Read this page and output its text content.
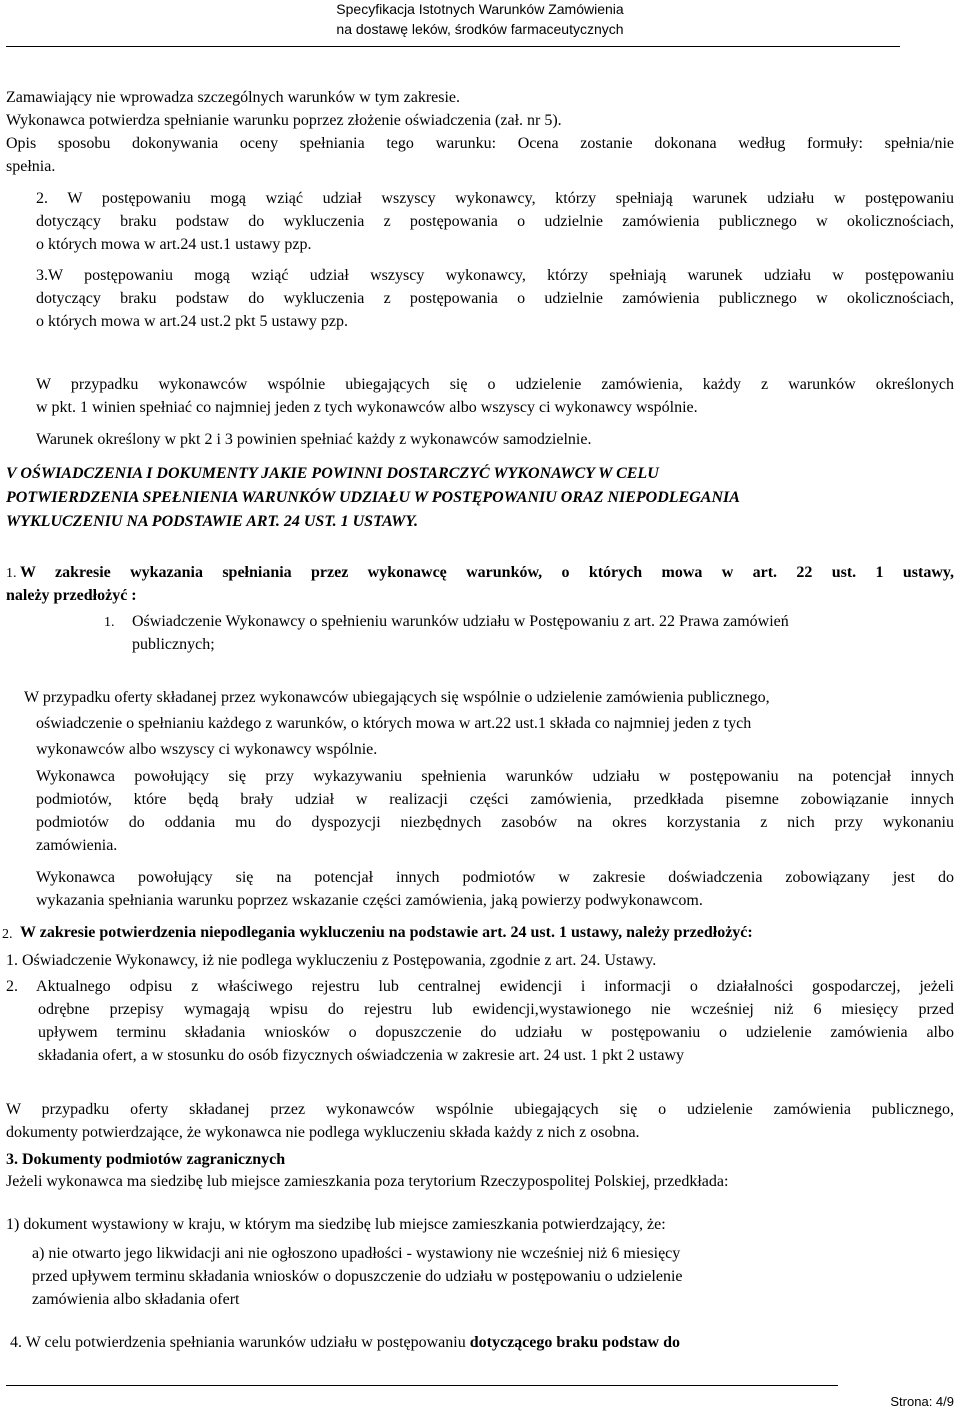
Specyfikacja Istotnych Warunków Zamówienia
na dostawę leków, środków farmaceutycznych
Zamawiający nie wprowadza szczególnych warunków w tym zakresie.
Wykonawca potwierdza spełnianie warunku poprzez złożenie oświadczenia (zał. nr 5).
Opis sposobu dokonywania oceny spełniania tego warunku: Ocena zostanie dokonana według formuły: spełnia/nie
spełnia.
2. W postępowaniu mogą wziąć udział wszyscy wykonawcy, którzy spełniają warunek udziału w postępowaniu
dotyczący braku podstaw do wykluczenia z postępowania o udzielnie zamówienia publicznego w okolicznościach,
o których mowa w art.24 ust.1 ustawy pzp.
3.W postępowaniu mogą wziąć udział wszyscy wykonawcy, którzy spełniają warunek udziału w postępowaniu
dotyczący braku podstaw do wykluczenia z postępowania o udzielnie zamówienia publicznego w okolicznościach,
o których mowa w art.24 ust.2 pkt 5 ustawy pzp.
W przypadku wykonawców wspólnie ubiegających się o udzielenie zamówienia, każdy z warunków określonych
w pkt. 1 winien spełniać co najmniej jeden z tych wykonawców albo wszyscy ci wykonawcy wspólnie.
Warunek określony w pkt 2 i 3 powinien spełniać każdy z wykonawców samodzielnie.
V OŚWIADCZENIA I DOKUMENTY JAKIE POWINNI DOSTARCZYĆ WYKONAWCY W CELU
POTWIERDZENIA SPEŁNIENIA WARUNKÓW UDZIAŁU W POSTĘPOWANIU ORAZ NIEPODLEGANIA
WYKLUCZENIU NA PODSTAWIE ART. 24 UST. 1 USTAWY.
1. W zakresie wykazania spełniania przez wykonawcę warunków, o których mowa w art. 22 ust. 1 ustawy,
należy przedłożyć :
1.	Oświadczenie Wykonawcy o spełnieniu warunków udziału w Postępowaniu z art. 22 Prawa zamówień
publicznych;
W przypadku oferty składanej przez wykonawców ubiegających się wspólnie o udzielenie zamówienia publicznego,
oświadczenie o spełnianiu każdego z warunków, o których mowa w art.22 ust.1 składa co najmniej jeden z tych
wykonawców albo wszyscy ci wykonawcy wspólnie.
Wykonawca powołujący się przy wykazywaniu spełnienia warunków udziału w postępowaniu na potencjał innych
podmiotów, które będą brały udział w realizacji części zamówienia, przedkłada pisemne zobowiązanie innych
podmiotów do oddania mu do dyspozycji niezbędnych zasobów na okres korzystania z nich przy wykonaniu
zamówienia.
Wykonawca powołujący się na potencjał innych podmiotów w zakresie doświadczenia zobowiązany jest do
wykazania spełniania warunku poprzez wskazanie części zamówienia, jaką powierzy podwykonawcom.
2. W zakresie potwierdzenia niepodlegania wykluczeniu na podstawie art. 24 ust. 1 ustawy, należy przedłożyć:
1. Oświadczenie Wykonawcy, iż nie podlega wykluczeniu z Postępowania, zgodnie z art. 24. Ustawy.
2. Aktualnego odpisu z właściwego rejestru lub centralnej ewidencji i informacji o działalności gospodarczej, jeżeli
odrębne przepisy wymagają wpisu do rejestru lub ewidencji,wystawionego nie wcześniej niż 6 miesięcy przed
upływem terminu składania wniosków o dopuszczenie do udziału w postępowaniu o udzielenie zamówienia albo
składania ofert, a w stosunku do osób fizycznych oświadczenia w zakresie art. 24 ust. 1 pkt 2 ustawy
W przypadku oferty składanej przez wykonawców wspólnie ubiegających się o udzielenie zamówienia publicznego,
dokumenty potwierdzające, że wykonawca nie podlega wykluczeniu składa każdy z nich z osobna.
3. Dokumenty podmiotów zagranicznych
Jeżeli wykonawca ma siedzibę lub miejsce zamieszkania poza terytorium Rzeczypospolitej Polskiej, przedkłada:
1) dokument wystawiony w kraju, w którym ma siedzibę lub miejsce zamieszkania potwierdzający, że:
a) nie otwarto jego likwidacji ani nie ogłoszono upadłości - wystawiony nie wcześniej niż 6 miesięcy
przed upływem terminu składania wniosków o dopuszczenie do udziału w postępowaniu o udzielenie
zamówienia albo składania ofert
4. W celu potwierdzenia spełniania warunków udziału w postępowaniu dotyczącego braku podstaw do
Strona: 4/9
